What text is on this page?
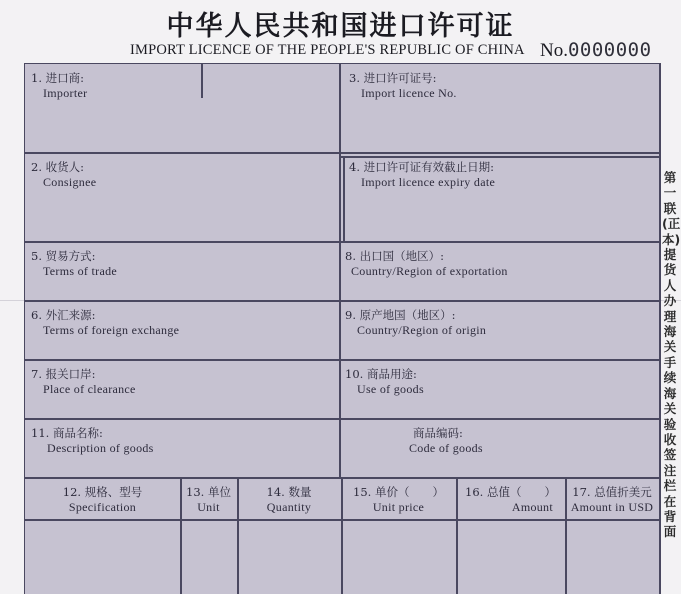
中华人民共和国进口许可证
IMPORT LICENCE OF THE PEOPLE'S REPUBLIC OF CHINA No.0000000
1. 进口商:
Importer
3. 进口许可证号:
Import licence No.
2. 收货人:
Consignee
4. 进口许可证有效截止日期:
Import licence expiry date
5. 贸易方式:
Terms of trade
8. 出口国（地区）:
Country/Region of exportation
6. 外汇来源:
Terms of foreign exchange
9. 原产地国（地区）:
Country/Region of origin
7. 报关口岸:
Place of clearance
10. 商品用途:
Use of goods
11. 商品名称:
Description of goods
商品编码:
Code of goods
12. 规格、型号
Specification
13. 单位
Unit
14. 数量
Quantity
15. 单价（　　）
Unit price
16. 总值（　　）
Amount
17. 总值折美元
Amount in USD
第一联(正本)提货人办理海关手续海关验收签注栏在背面
